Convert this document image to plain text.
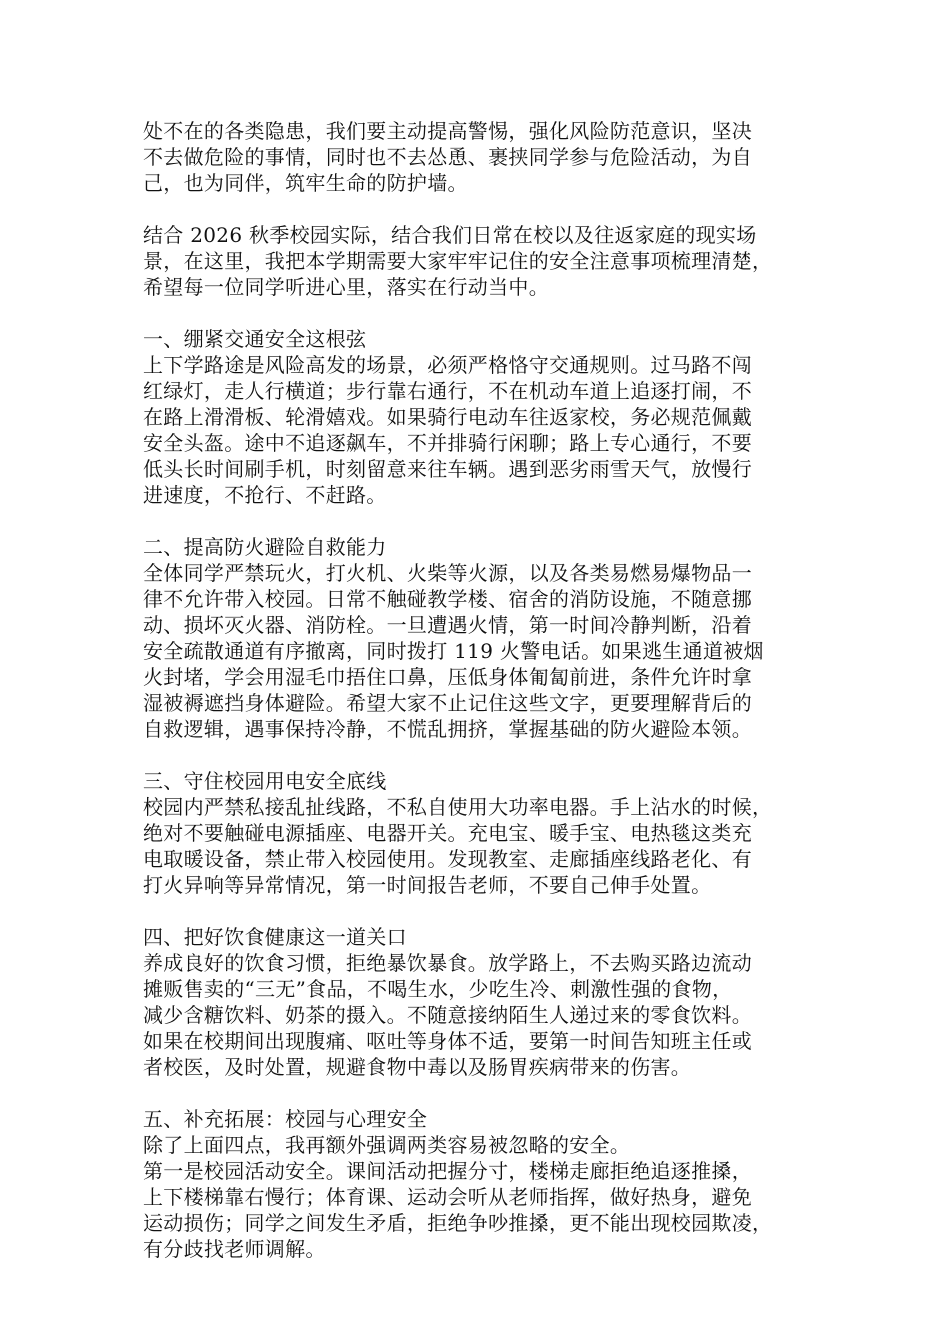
处不在的各类隐患，我们要主动提高警惕，强化风险防范意识，坚决
不去做危险的事情，同时也不去怂恿、裹挟同学参与危险活动，为自
己，也为同伴，筑牢生命的防护墙。

结合 2026 秋季校园实际，结合我们日常在校以及往返家庭的现实场
景，在这里，我把本学期需要大家牢牢记住的安全注意事项梳理清楚，
希望每一位同学听进心里，落实在行动当中。

一、绷紧交通安全这根弦

上下学路途是风险高发的场景，必须严格恪守交通规则。过马路不闯
红绿灯，走人行横道；步行靠右通行，不在机动车道上追逐打闹，不
在路上滑滑板、轮滑嬉戏。如果骑行电动车往返家校，务必规范佩戴
安全头盔。途中不追逐飙车，不并排骑行闲聊；路上专心通行，不要
低头长时间刷手机，时刻留意来往车辆。遇到恶劣雨雪天气，放慢行
进速度，不抢行、不赶路。

二、提高防火避险自救能力

全体同学严禁玩火，打火机、火柴等火源，以及各类易燃易爆物品一
律不允许带入校园。日常不触碰教学楼、宿舍的消防设施，不随意挪
动、损坏灭火器、消防栓。一旦遭遇火情，第一时间冷静判断，沿着
安全疏散通道有序撤离，同时拨打 119 火警电话。如果逃生通道被烟
火封堵，学会用湿毛巾捂住口鼻，压低身体匍匐前进，条件允许时拿
湿被褥遮挡身体避险。希望大家不止记住这些文字，更要理解背后的
自救逻辑，遇事保持冷静，不慌乱拥挤，掌握基础的防火避险本领。

三、守住校园用电安全底线

校园内严禁私接乱扯线路，不私自使用大功率电器。手上沾水的时候，
绝对不要触碰电源插座、电器开关。充电宝、暖手宝、电热毯这类充
电取暖设备，禁止带入校园使用。发现教室、走廊插座线路老化、有
打火异响等异常情况，第一时间报告老师，不要自己伸手处置。

四、把好饮食健康这一道关口

养成良好的饮食习惯，拒绝暴饮暴食。放学路上，不去购买路边流动
摊贩售卖的“三无”食品，不喝生水，少吃生冷、刺激性强的食物，
减少含糖饮料、奶茶的摄入。不随意接纳陌生人递过来的零食饮料。
如果在校期间出现腹痛、呕吐等身体不适，要第一时间告知班主任或
者校医，及时处置，规避食物中毒以及肠胃疾病带来的伤害。

五、补充拓展：校园与心理安全

除了上面四点，我再额外强调两类容易被忽略的安全。

第一是校园活动安全。课间活动把握分寸，楼梯走廊拒绝追逐推搡，
上下楼梯靠右慢行；体育课、运动会听从老师指挥，做好热身，避免
运动损伤；同学之间发生矛盾，拒绝争吵推搡，更不能出现校园欺凌，
有分歧找老师调解。
